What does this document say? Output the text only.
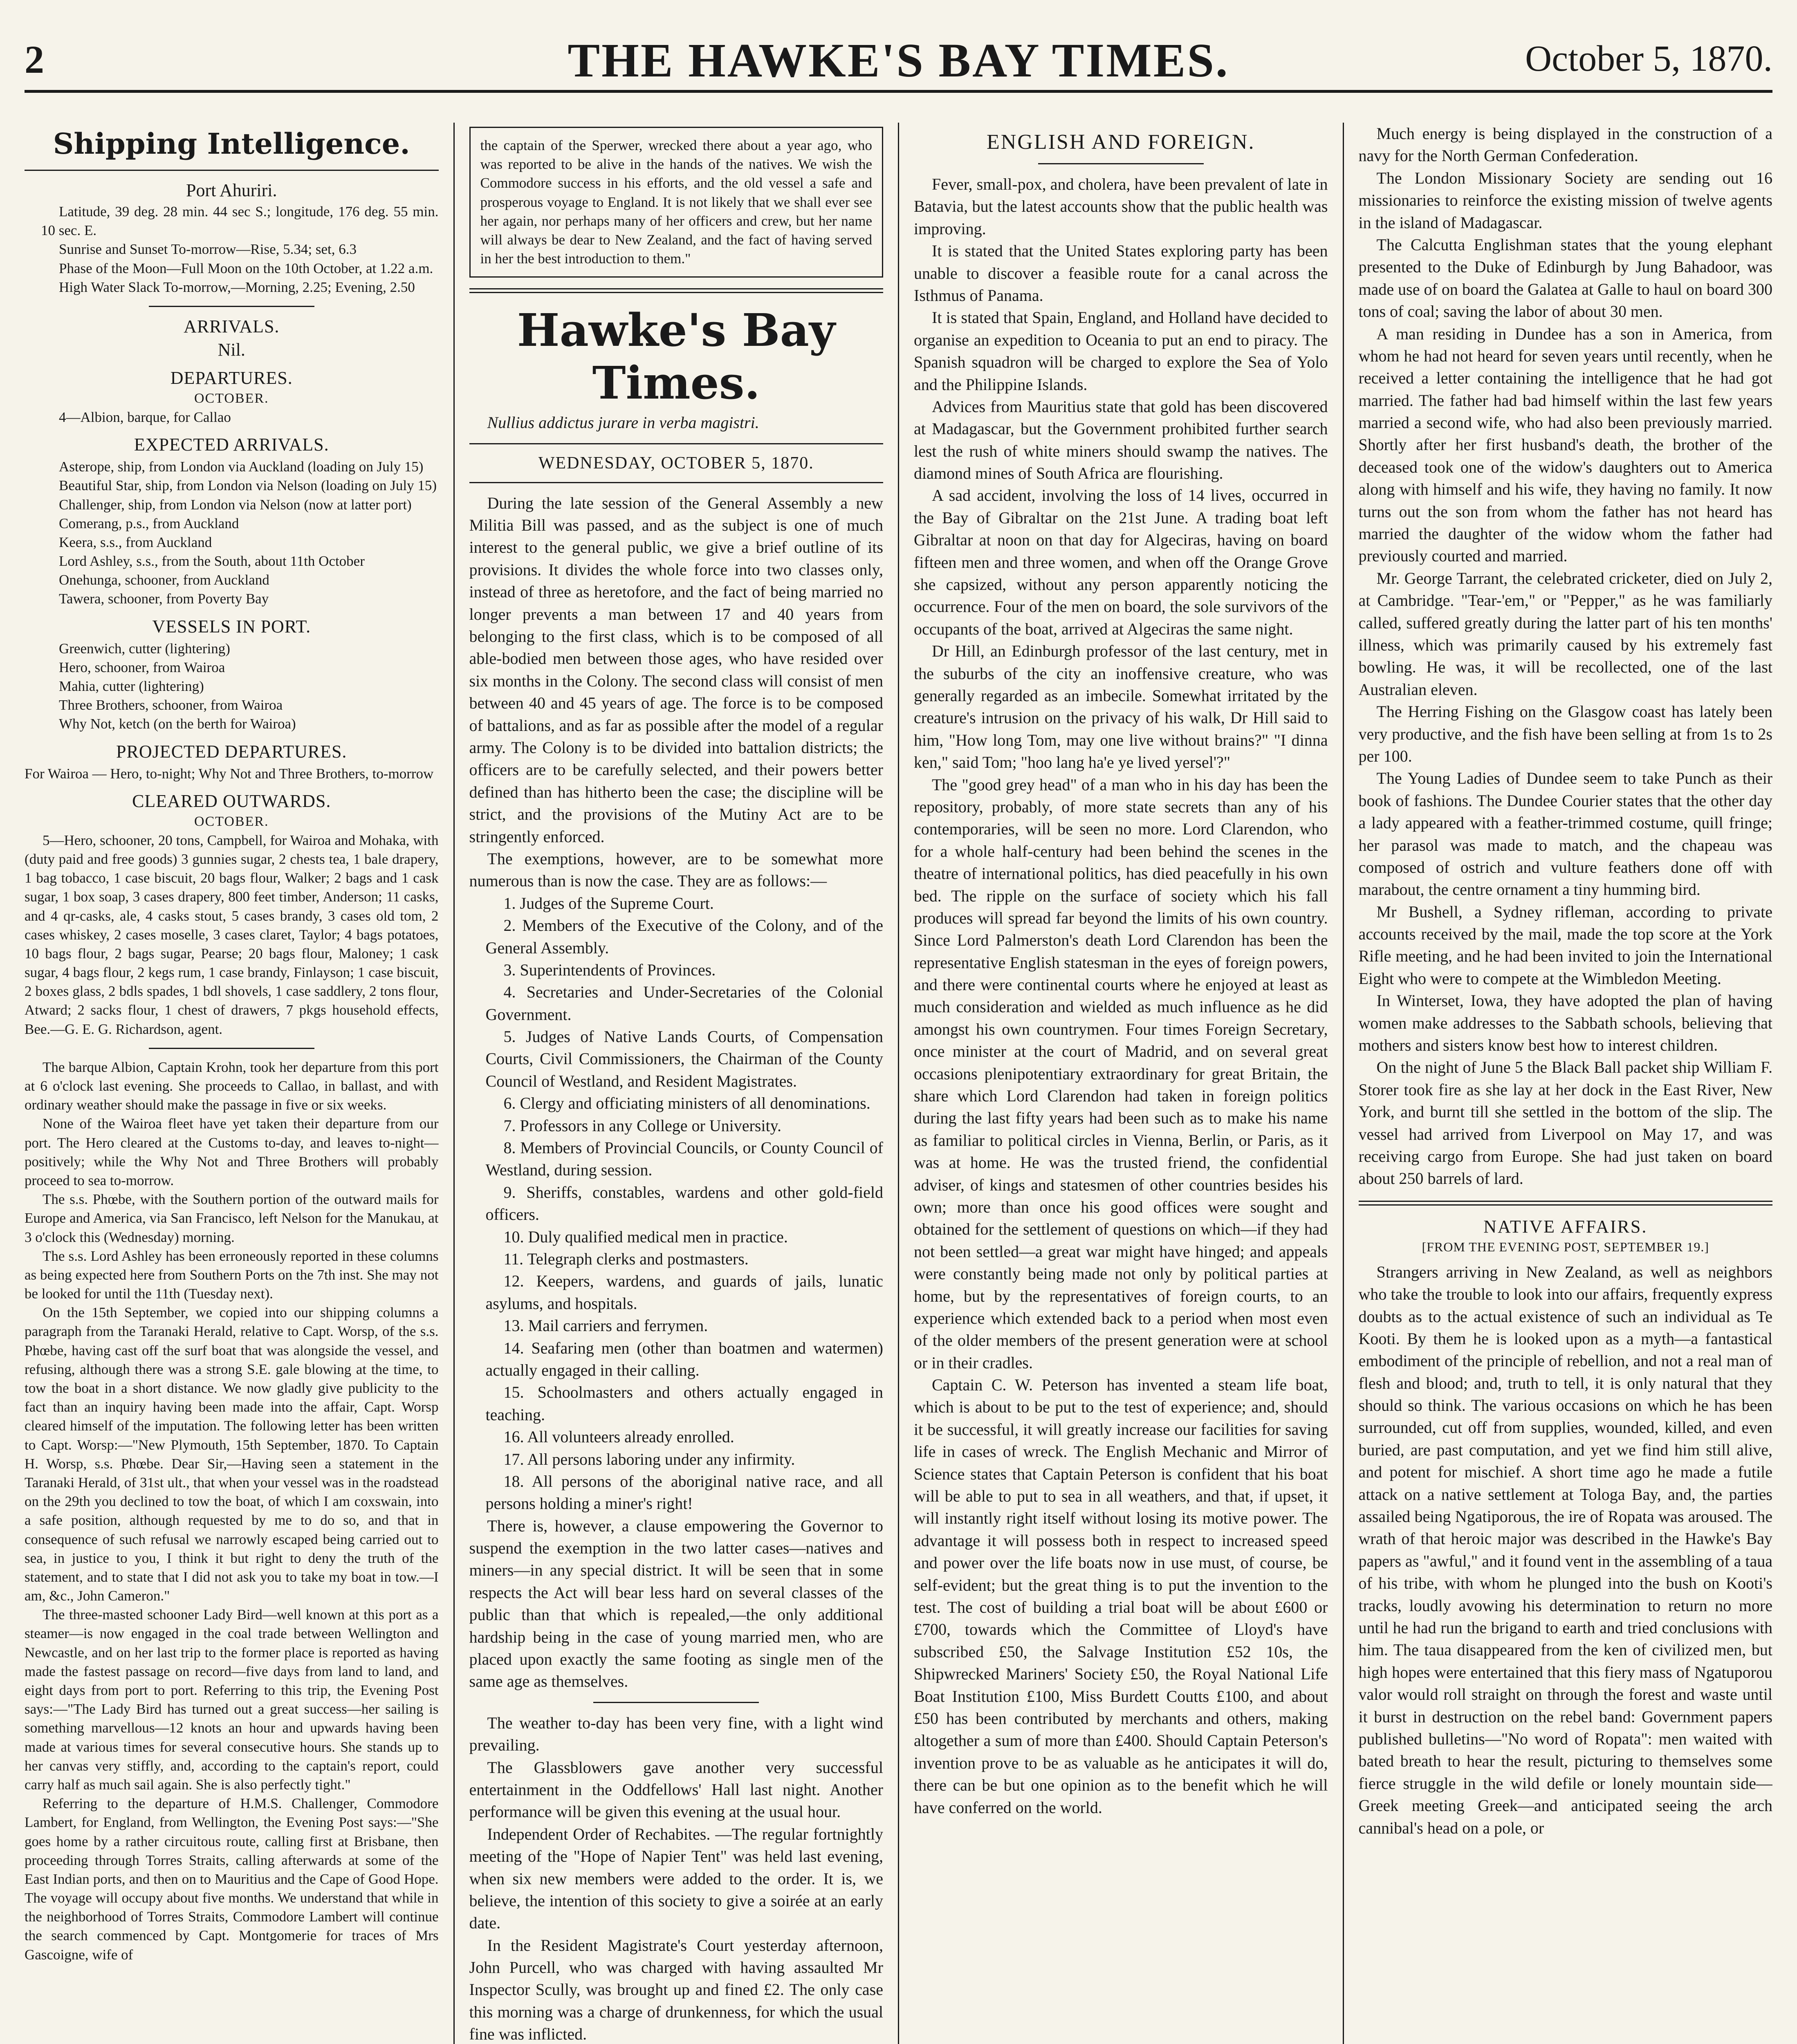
2	THE HAWKE'S BAY TIMES.	October 5, 1870.
Shipping Intelligence.
Port Ahuriri.

Latitude, 39 deg. 28 min. 44 sec S.; longitude, 176 deg. 55 min. 10 sec. E.

Sunrise and Sunset To-morrow—Rise, 5.34; set, 6.3

Phase of the Moon—Full Moon on the 10th October, at 1.22 a.m.

High Water Slack To-morrow,—Morning, 2.25; Evening, 2.50

ARRIVALS.
Nil.
DEPARTURES.
OCTOBER.

4—Albion, barque, for Callao

EXPECTED ARRIVALS.

Asterope, ship, from London via Auckland (loading on July 15)

Beautiful Star, ship, from London via Nelson (loading on July 15)

Challenger, ship, from London via Nelson (now at latter port)

Comerang, p.s., from Auckland

Keera, s.s., from Auckland

Lord Ashley, s.s., from the South, about 11th October

Onehunga, schooner, from Auckland

Tawera, schooner, from Poverty Bay

VESSELS IN PORT.

Greenwich, cutter (lightering)

Hero, schooner, from Wairoa

Mahia, cutter (lightering)

Three Brothers, schooner, from Wairoa

Why Not, ketch (on the berth for Wairoa)

PROJECTED DEPARTURES.

For Wairoa — Hero, to-night; Why Not and Three Brothers, to-morrow

CLEARED OUTWARDS.
OCTOBER.

5—Hero, schooner, 20 tons, Campbell, for Wairoa and Mohaka, with (duty paid and free goods) 3 gunnies sugar, 2 chests tea, 1 bale drapery, 1 bag tobacco, 1 case biscuit, 20 bags flour, Walker; 2 bags and 1 cask sugar, 1 box soap, 3 cases drapery, 800 feet timber, Anderson; 11 casks, and 4 qr-casks, ale, 4 casks stout, 5 cases brandy, 3 cases old tom, 2 cases whiskey, 2 cases moselle, 3 cases claret, Taylor; 4 bags potatoes, 10 bags flour, 2 bags sugar, Pearse; 20 bags flour, Maloney; 1 cask sugar, 4 bags flour, 2 kegs rum, 1 case brandy, Finlayson; 1 case biscuit, 2 boxes glass, 2 bdls spades, 1 bdl shovels, 1 case saddlery, 2 tons flour, Atward; 2 sacks flour, 1 chest of drawers, 7 pkgs household effects, Bee.—G. E. G. Richardson, agent.

The barque Albion, Captain Krohn, took her departure from this port at 6 o'clock last evening. She proceeds to Callao, in ballast, and with ordinary weather should make the passage in five or six weeks.

None of the Wairoa fleet have yet taken their departure from our port. The Hero cleared at the Customs to-day, and leaves to-night—positively; while the Why Not and Three Brothers will probably proceed to sea to-morrow.

The s.s. Phœbe, with the Southern portion of the outward mails for Europe and America, via San Francisco, left Nelson for the Manukau, at 3 o'clock this (Wednesday) morning.

The s.s. Lord Ashley has been erroneously reported in these columns as being expected here from Southern Ports on the 7th inst. She may not be looked for until the 11th (Tuesday next).

On the 15th September, we copied into our shipping columns a paragraph from the Taranaki Herald, relative to Capt. Worsp, of the s.s. Phœbe, having cast off the surf boat that was alongside the vessel, and refusing, although there was a strong S.E. gale blowing at the time, to tow the boat in a short distance. We now gladly give publicity to the fact than an inquiry having been made into the affair, Capt. Worsp cleared himself of the imputation. The following letter has been written to Capt. Worsp:—"New Plymouth, 15th September, 1870. To Captain H. Worsp, s.s. Phœbe. Dear Sir,—Having seen a statement in the Taranaki Herald, of 31st ult., that when your vessel was in the roadstead on the 29th you declined to tow the boat, of which I am coxswain, into a safe position, although requested by me to do so, and that in consequence of such refusal we narrowly escaped being carried out to sea, in justice to you, I think it but right to deny the truth of the statement, and to state that I did not ask you to take my boat in tow.—I am, &c., John Cameron."

The three-masted schooner Lady Bird—well known at this port as a steamer—is now engaged in the coal trade between Wellington and Newcastle, and on her last trip to the former place is reported as having made the fastest passage on record—five days from land to land, and eight days from port to port. Referring to this trip, the Evening Post says:—"The Lady Bird has turned out a great success—her sailing is something marvellous—12 knots an hour and upwards having been made at various times for several consecutive hours. She stands up to her canvas very stiffly, and, according to the captain's report, could carry half as much sail again. She is also perfectly tight."

Referring to the departure of H.M.S. Challenger, Commodore Lambert, for England, from Wellington, the Evening Post says:—"She goes home by a rather circuitous route, calling first at Brisbane, then proceeding through Torres Straits, calling afterwards at some of the East Indian ports, and then on to Mauritius and the Cape of Good Hope. The voyage will occupy about five months. We understand that while in the neighborhood of Torres Straits, Commodore Lambert will continue the search commenced by Capt. Montgomerie for traces of Mrs Gascoigne, wife of

the captain of the Sperwer, wrecked there about a year ago, who was reported to be alive in the hands of the natives. We wish the Commodore success in his efforts, and the old vessel a safe and prosperous voyage to England. It is not likely that we shall ever see her again, nor perhaps many of her officers and crew, but her name will always be dear to New Zealand, and the fact of having served in her the best introduction to them."

Hawke's Bay Times.

Nullius addictus jurare in verba magistri.

WEDNESDAY, OCTOBER 5, 1870.

During the late session of the General Assembly a new Militia Bill was passed, and as the subject is one of much interest to the general public, we give a brief outline of its provisions. It divides the whole force into two classes only, instead of three as heretofore, and the fact of being married no longer prevents a man between 17 and 40 years from belonging to the first class, which is to be composed of all able-bodied men between those ages, who have resided over six months in the Colony. The second class will consist of men between 40 and 45 years of age. The force is to be composed of battalions, and as far as possible after the model of a regular army. The Colony is to be divided into battalion districts; the officers are to be carefully selected, and their powers better defined than has hitherto been the case; the discipline will be strict, and the provisions of the Mutiny Act are to be stringently enforced.

The exemptions, however, are to be somewhat more numerous than is now the case. They are as follows:—

1. Judges of the Supreme Court.

2. Members of the Executive of the Colony, and of the General Assembly.

3. Superintendents of Provinces.

4. Secretaries and Under-Secretaries of the Colonial Government.

5. Judges of Native Lands Courts, of Compensation Courts, Civil Commissioners, the Chairman of the County Council of Westland, and Resident Magistrates.

6. Clergy and officiating ministers of all denominations.

7. Professors in any College or University.

8. Members of Provincial Councils, or County Council of Westland, during session.

9. Sheriffs, constables, wardens and other gold-field officers.

10. Duly qualified medical men in practice.

11. Telegraph clerks and postmasters.

12. Keepers, wardens, and guards of jails, lunatic asylums, and hospitals.

13. Mail carriers and ferrymen.

14. Seafaring men (other than boatmen and watermen) actually engaged in their calling.

15. Schoolmasters and others actually engaged in teaching.

16. All volunteers already enrolled.

17. All persons laboring under any infirmity.

18. All persons of the aboriginal native race, and all persons holding a miner's right!

There is, however, a clause empowering the Governor to suspend the exemption in the two latter cases—natives and miners—in any special district. It will be seen that in some respects the Act will bear less hard on several classes of the public than that which is repealed,—the only additional hardship being in the case of young married men, who are placed upon exactly the same footing as single men of the same age as themselves.

The weather to-day has been very fine, with a light wind prevailing.

The Glassblowers gave another very successful entertainment in the Oddfellows' Hall last night. Another performance will be given this evening at the usual hour.

Independent Order of Rechabites. —The regular fortnightly meeting of the "Hope of Napier Tent" was held last evening, when six new members were added to the order. It is, we believe, the intention of this society to give a soirée at an early date.

In the Resident Magistrate's Court yesterday afternoon, John Purcell, who was charged with having assaulted Mr Inspector Scully, was brought up and fined £2. The only case this morning was a charge of drunkenness, for which the usual fine was inflicted.

ENGLISH AND FOREIGN.

Fever, small-pox, and cholera, have been prevalent of late in Batavia, but the latest accounts show that the public health was improving.

It is stated that the United States exploring party has been unable to discover a feasible route for a canal across the Isthmus of Panama.

It is stated that Spain, England, and Holland have decided to organise an expedition to Oceania to put an end to piracy. The Spanish squadron will be charged to explore the Sea of Yolo and the Philippine Islands.

Advices from Mauritius state that gold has been discovered at Madagascar, but the Government prohibited further search lest the rush of white miners should swamp the natives. The diamond mines of South Africa are flourishing.

A sad accident, involving the loss of 14 lives, occurred in the Bay of Gibraltar on the 21st June. A trading boat left Gibraltar at noon on that day for Algeciras, having on board fifteen men and three women, and when off the Orange Grove she capsized, without any person apparently noticing the occurrence. Four of the men on board, the sole survivors of the occupants of the boat, arrived at Algeciras the same night.

Dr Hill, an Edinburgh professor of the last century, met in the suburbs of the city an inoffensive creature, who was generally regarded as an imbecile. Somewhat irritated by the creature's intrusion on the privacy of his walk, Dr Hill said to him, "How long Tom, may one live without brains?" "I dinna ken," said Tom; "hoo lang ha'e ye lived yersel'?"

The "good grey head" of a man who in his day has been the repository, probably, of more state secrets than any of his contemporaries, will be seen no more. Lord Clarendon, who for a whole half-century had been behind the scenes in the theatre of international politics, has died peacefully in his own bed. The ripple on the surface of society which his fall produces will spread far beyond the limits of his own country. Since Lord Palmerston's death Lord Clarendon has been the representative English statesman in the eyes of foreign powers, and there were continental courts where he enjoyed at least as much consideration and wielded as much influence as he did amongst his own countrymen. Four times Foreign Secretary, once minister at the court of Madrid, and on several great occasions plenipotentiary extraordinary for great Britain, the share which Lord Clarendon had taken in foreign politics during the last fifty years had been such as to make his name as familiar to political circles in Vienna, Berlin, or Paris, as it was at home. He was the trusted friend, the confidential adviser, of kings and statesmen of other countries besides his own; more than once his good offices were sought and obtained for the settlement of questions on which—if they had not been settled—a great war might have hinged; and appeals were constantly being made not only by political parties at home, but by the representatives of foreign courts, to an experience which extended back to a period when most even of the older members of the present generation were at school or in their cradles.

Captain C. W. Peterson has invented a steam life boat, which is about to be put to the test of experience; and, should it be successful, it will greatly increase our facilities for saving life in cases of wreck. The English Mechanic and Mirror of Science states that Captain Peterson is confident that his boat will be able to put to sea in all weathers, and that, if upset, it will instantly right itself without losing its motive power. The advantage it will possess both in respect to increased speed and power over the life boats now in use must, of course, be self-evident; but the great thing is to put the invention to the test. The cost of building a trial boat will be about £600 or £700, towards which the Committee of Lloyd's have subscribed £50, the Salvage Institution £52 10s, the Shipwrecked Mariners' Society £50, the Royal National Life Boat Institution £100, Miss Burdett Coutts £100, and about £50 has been contributed by merchants and others, making altogether a sum of more than £400. Should Captain Peterson's invention prove to be as valuable as he anticipates it will do, there can be but one opinion as to the benefit which he will have conferred on the world.

Much energy is being displayed in the construction of a navy for the North German Confederation.

The London Missionary Society are sending out 16 missionaries to reinforce the existing mission of twelve agents in the island of Madagascar.

The Calcutta Englishman states that the young elephant presented to the Duke of Edinburgh by Jung Bahadoor, was made use of on board the Galatea at Galle to haul on board 300 tons of coal; saving the labor of about 30 men.

A man residing in Dundee has a son in America, from whom he had not heard for seven years until recently, when he received a letter containing the intelligence that he had got married. The father had bad himself within the last few years married a second wife, who had also been previously married. Shortly after her first husband's death, the brother of the deceased took one of the widow's daughters out to America along with himself and his wife, they having no family. It now turns out the son from whom the father has not heard has married the daughter of the widow whom the father had previously courted and married.

Mr. George Tarrant, the celebrated cricketer, died on July 2, at Cambridge. "Tear-'em," or "Pepper," as he was familiarly called, suffered greatly during the latter part of his ten months' illness, which was primarily caused by his extremely fast bowling. He was, it will be recollected, one of the last Australian eleven.

The Herring Fishing on the Glasgow coast has lately been very productive, and the fish have been selling at from 1s to 2s per 100.

The Young Ladies of Dundee seem to take Punch as their book of fashions. The Dundee Courier states that the other day a lady appeared with a feather-trimmed costume, quill fringe; her parasol was made to match, and the chapeau was composed of ostrich and vulture feathers done off with marabout, the centre ornament a tiny humming bird.

Mr Bushell, a Sydney rifleman, according to private accounts received by the mail, made the top score at the York Rifle meeting, and he had been invited to join the International Eight who were to compete at the Wimbledon Meeting.

In Winterset, Iowa, they have adopted the plan of having women make addresses to the Sabbath schools, believing that mothers and sisters know best how to interest children.

On the night of June 5 the Black Ball packet ship William F. Storer took fire as she lay at her dock in the East River, New York, and burnt till she settled in the bottom of the slip. The vessel had arrived from Liverpool on May 17, and was receiving cargo from Europe. She had just taken on board about 250 barrels of lard.

NATIVE AFFAIRS.
[FROM THE EVENING POST, SEPTEMBER 19.]

Strangers arriving in New Zealand, as well as neighbors who take the trouble to look into our affairs, frequently express doubts as to the actual existence of such an individual as Te Kooti. By them he is looked upon as a myth—a fantastical embodiment of the principle of rebellion, and not a real man of flesh and blood; and, truth to tell, it is only natural that they should so think. The various occasions on which he has been surrounded, cut off from supplies, wounded, killed, and even buried, are past computation, and yet we find him still alive, and potent for mischief. A short time ago he made a futile attack on a native settlement at Tologa Bay, and, the parties assailed being Ngatiporous, the ire of Ropata was aroused. The wrath of that heroic major was described in the Hawke's Bay papers as "awful," and it found vent in the assembling of a taua of his tribe, with whom he plunged into the bush on Kooti's tracks, loudly avowing his determination to return no more until he had run the brigand to earth and tried conclusions with him. The taua disappeared from the ken of civilized men, but high hopes were entertained that this fiery mass of Ngatuporou valor would roll straight on through the forest and waste until it burst in destruction on the rebel band: Government papers published bulletins—"No word of Ropata": men waited with bated breath to hear the result, picturing to themselves some fierce struggle in the wild defile or lonely mountain side—Greek meeting Greek—and anticipated seeing the arch cannibal's head on a pole, or
